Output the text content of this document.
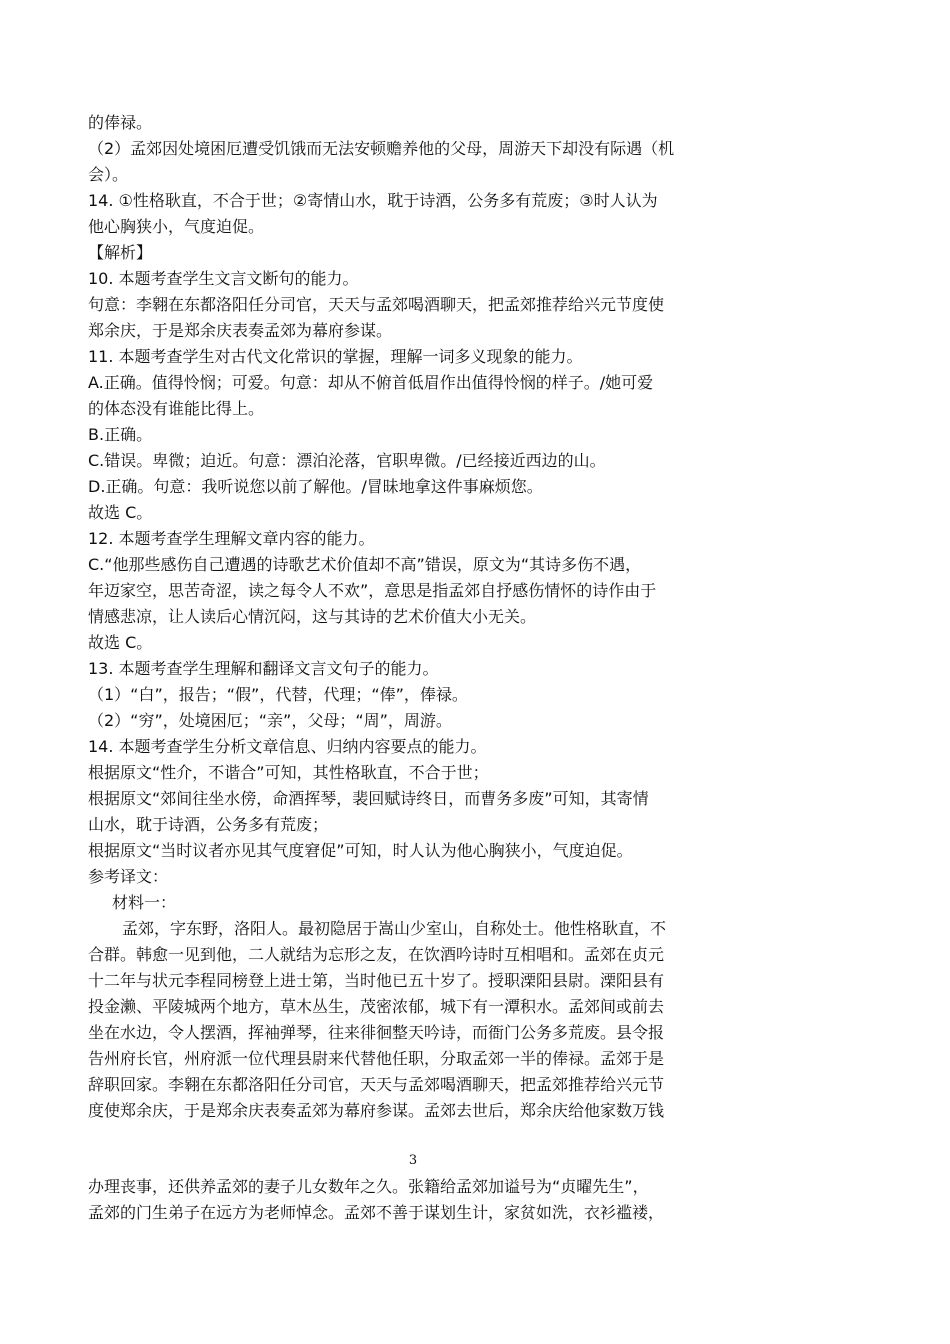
的俸禄。
（2）孟郊因处境困厄遭受饥饿而无法安顿赡养他的父母，周游天下却没有际遇（机
会）。
14. ①性格耿直，不合于世；②寄情山水，耽于诗酒，公务多有荒废；③时人认为
他心胸狭小，气度迫促。
【解析】
10. 本题考查学生文言文断句的能力。
句意：李翱在东都洛阳任分司官，天天与孟郊喝酒聊天，把孟郊推荐给兴元节度使
郑余庆，于是郑余庆表奏孟郊为幕府参谋。
11. 本题考查学生对古代文化常识的掌握，理解一词多义现象的能力。
A.正确。值得怜悯；可爱。句意：却从不俯首低眉作出值得怜悯的样子。/她可爱
的体态没有谁能比得上。
B.正确。
C.错误。卑微；迫近。句意：漂泊沦落，官职卑微。/已经接近西边的山。
D.正确。句意：我听说您以前了解他。/冒昧地拿这件事麻烦您。
故选 C。
12. 本题考查学生理解文章内容的能力。
C.“他那些感伤自己遭遇的诗歌艺术价值却不高”错误，原文为“其诗多伤不遇，
年迈家空，思苦奇涩，读之每令人不欢”，意思是指孟郊自抒感伤情怀的诗作由于
情感悲凉，让人读后心情沉闷，这与其诗的艺术价值大小无关。
故选 C。
13. 本题考查学生理解和翻译文言文句子的能力。
（1）“白”，报告；“假”，代替，代理；“俸”，俸禄。
（2）“穷”，处境困厄；“亲”，父母；“周”，周游。
14. 本题考查学生分析文章信息、归纳内容要点的能力。
根据原文“性介，不谐合”可知，其性格耿直，不合于世；
根据原文“郊间往坐水傍，命酒挥琴，裴回赋诗终日，而曹务多废”可知，其寄情
山水，耽于诗酒，公务多有荒废；
根据原文“当时议者亦见其气度窘促”可知，时人认为他心胸狭小，气度迫促。
参考译文：
材料一：
孟郊，字东野，洛阳人。最初隐居于嵩山少室山，自称处士。他性格耿直，不
合群。韩愈一见到他，二人就结为忘形之友，在饮酒吟诗时互相唱和。孟郊在贞元
十二年与状元李程同榜登上进士第，当时他已五十岁了。授职溧阳县尉。溧阳县有
投金濑、平陵城两个地方，草木丛生，茂密浓郁，城下有一潭积水。孟郊间或前去
坐在水边，令人摆酒，挥袖弹琴，往来徘徊整天吟诗，而衙门公务多荒废。县令报
告州府长官，州府派一位代理县尉来代替他任职，分取孟郊一半的俸禄。孟郊于是
辞职回家。李翱在东都洛阳任分司官，天天与孟郊喝酒聊天，把孟郊推荐给兴元节
度使郑余庆，于是郑余庆表奏孟郊为幕府参谋。孟郊去世后，郑余庆给他家数万钱
3
办理丧事，还供养孟郊的妻子儿女数年之久。张籍给孟郊加谥号为“贞曜先生”，
孟郊的门生弟子在远方为老师悼念。孟郊不善于谋划生计，家贫如洗，衣衫褴褛，
